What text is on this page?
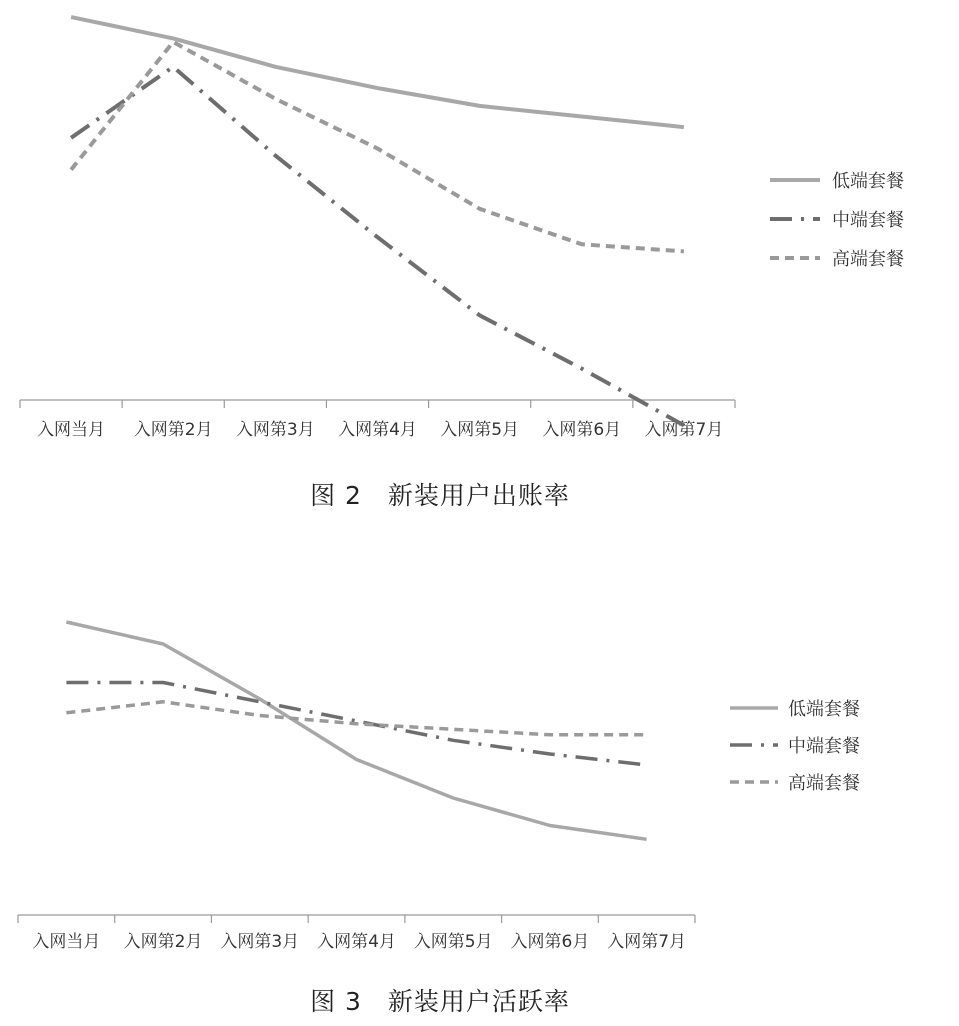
入网当月 入网第2月 入网第3月 入网第4月 入网第5月 入网第6月 入网第7月
低端套餐
中端套餐
高端套餐
图 2　新装用户出账率
入网当月 入网第2月 入网第3月 入网第4月 入网第5月 入网第6月 入网第7月
低端套餐
中端套餐
高端套餐
图 3　新装用户活跃率
